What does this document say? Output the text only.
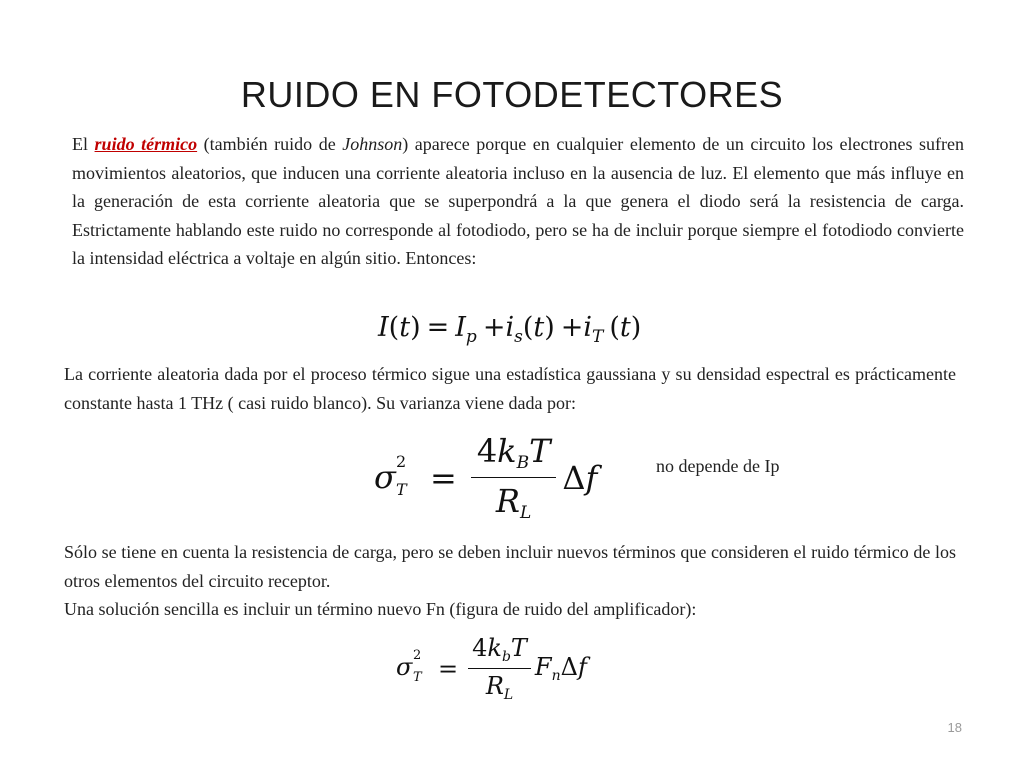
RUIDO EN FOTODETECTORES

El ruido térmico (también ruido de Johnson) aparece porque en cualquier elemento de un circuito los electrones sufren movimientos aleatorios, que inducen una corriente aleatoria incluso en la ausencia de luz. El elemento que más influye en la generación de esta corriente aleatoria que se superpondrá a la que genera el diodo será la resistencia de carga. Estrictamente hablando este ruido no corresponde al fotodiodo, pero se ha de incluir porque siempre el fotodiodo convierte la intensidad eléctrica a voltaje en algún sitio. Entonces:

$I(t) = I_p +i_s(t) +i_T$ (t)

La corriente aleatoria dada por el proceso térmico sigue una estadística gaussiana y su densidad espectral es prácticamente constante hasta 1 THz ( casi ruido blanco). Su varianza viene dada por:

σ 2
$T = \frac{4k_BT}{R_L}$ Δf	no depende de Ip
Sólo se tiene en cuenta la resistencia de carga, pero se deben incluir nuevos términos que consideren el ruido térmico de los otros elementos del circuito receptor.
Una solución sencilla es incluir un término nuevo Fn (figura de ruido del amplificador):
σ 2
$T = \frac{4k_bT}{R_L} F_n\Delta f$
18
